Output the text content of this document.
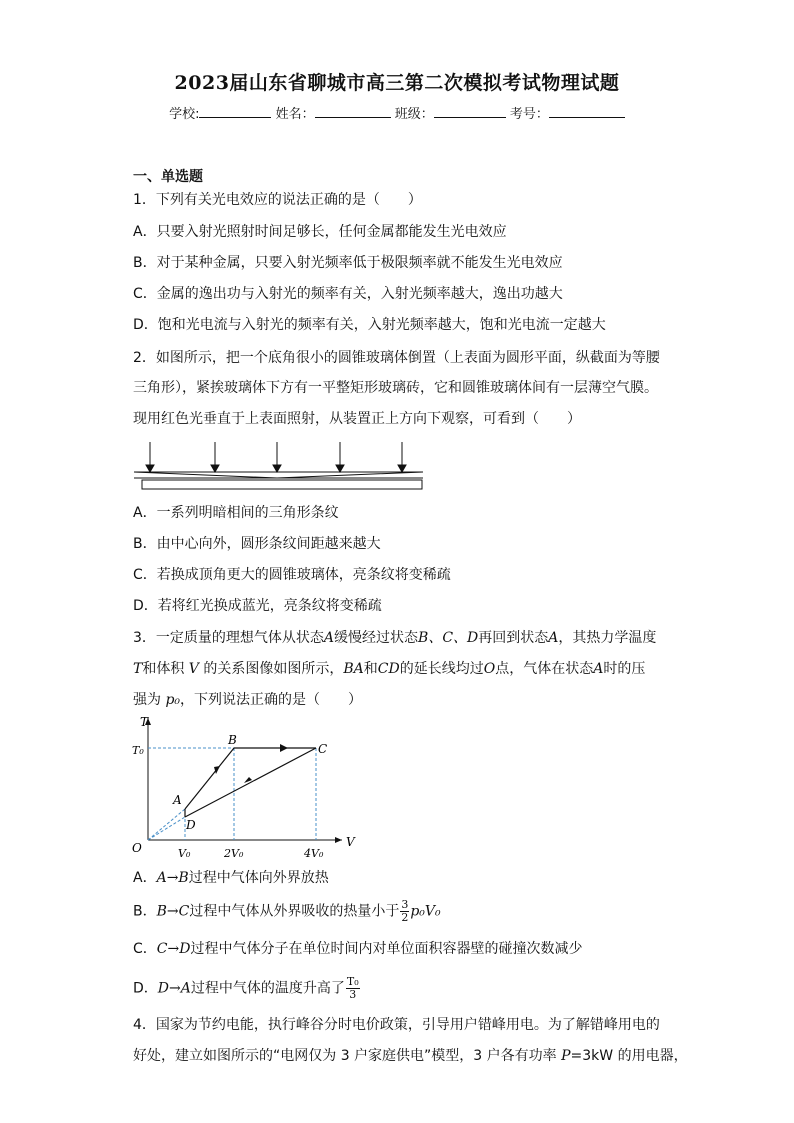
2023届山东省聊城市高三第二次模拟考试物理试题
学校:	姓名：	班级：	考号：
一、单选题
1．下列有关光电效应的说法正确的是（　　）
A．只要入射光照射时间足够长，任何金属都能发生光电效应
B．对于某种金属，只要入射光频率低于极限频率就不能发生光电效应
C．金属的逸出功与入射光的频率有关，入射光频率越大，逸出功越大
D．饱和光电流与入射光的频率有关，入射光频率越大，饱和光电流一定越大
2．如图所示，把一个底角很小的圆锥玻璃体倒置（上表面为圆形平面，纵截面为等腰
三角形），紧挨玻璃体下方有一平整矩形玻璃砖，它和圆锥玻璃体间有一层薄空气膜。
现用红色光垂直于上表面照射，从装置正上方向下观察，可看到（　　）
A．一系列明暗相间的三角形条纹
B．由中心向外，圆形条纹间距越来越大
C．若换成顶角更大的圆锥玻璃体，亮条纹将变稀疏
D．若将红光换成蓝光，亮条纹将变稀疏
3．一定质量的理想气体从状态A缓慢经过状态B、C、D再回到状态A，其热力学温度
T和体积 V 的关系图像如图所示，BA和CD的延长线均过O点，气体在状态A时的压
强为 p₀，下列说法正确的是（　　）
T
V
O
A
B
C
D
T₀
V₀	2V₀	4V₀
A．A→B过程中气体向外界放热
B．B→C过程中气体从外界吸收的热量小于 $\frac{3}{2} p_0V_0$
C．C→D过程中气体分子在单位时间内对单位面积容器壁的碰撞次数减少
D．D→A过程中气体的温度升高了 $\frac{\text{T₀}}{3}$
4．国家为节约电能，执行峰谷分时电价政策，引导用户错峰用电。为了解错峰用电的
好处，建立如图所示的“电网仅为 3 户家庭供电”模型，3 户各有功率 P=3kW 的用电器，
